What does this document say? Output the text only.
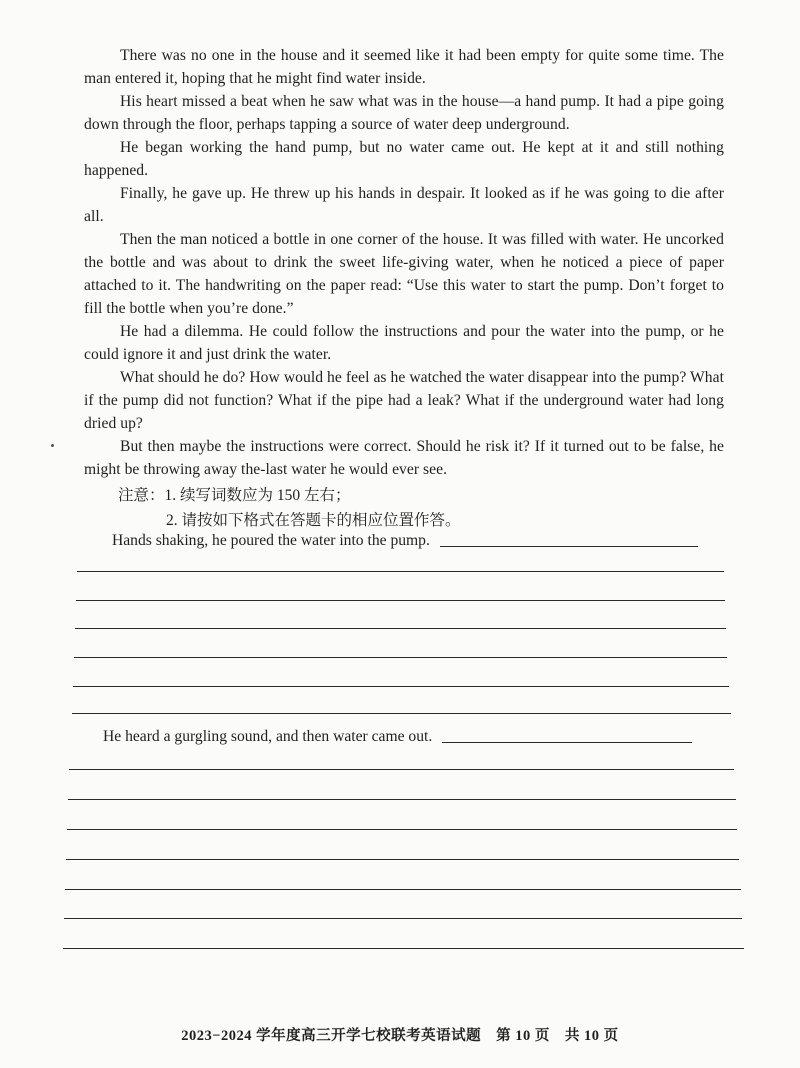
There was no one in the house and it seemed like it had been empty for quite some time. The man entered it, hoping that he might find water inside.

His heart missed a beat when he saw what was in the house—a hand pump. It had a pipe going down through the floor, perhaps tapping a source of water deep underground.

He began working the hand pump, but no water came out. He kept at it and still nothing happened.

Finally, he gave up. He threw up his hands in despair. It looked as if he was going to die after all.

Then the man noticed a bottle in one corner of the house. It was filled with water. He uncorked the bottle and was about to drink the sweet life-giving water, when he noticed a piece of paper attached to it. The handwriting on the paper read: “Use this water to start the pump. Don’t forget to fill the bottle when you’re done.”

He had a dilemma. He could follow the instructions and pour the water into the pump, or he could ignore it and just drink the water.

What should he do? How would he feel as he watched the water disappear into the pump? What if the pump did not function? What if the pipe had a leak? What if the underground water had long dried up?

But then maybe the instructions were correct. Should he risk it? If it turned out to be false, he might be throwing away the-last water he would ever see.

注意：1. 续写词数应为 150 左右；
2. 请按如下格式在答题卡的相应位置作答。
Hands shaking, he poured the water into the pump.
He heard a gurgling sound, and then water came out.
2023−2024 学年度高三开学七校联考英语试题　第 10 页　共 10 页
